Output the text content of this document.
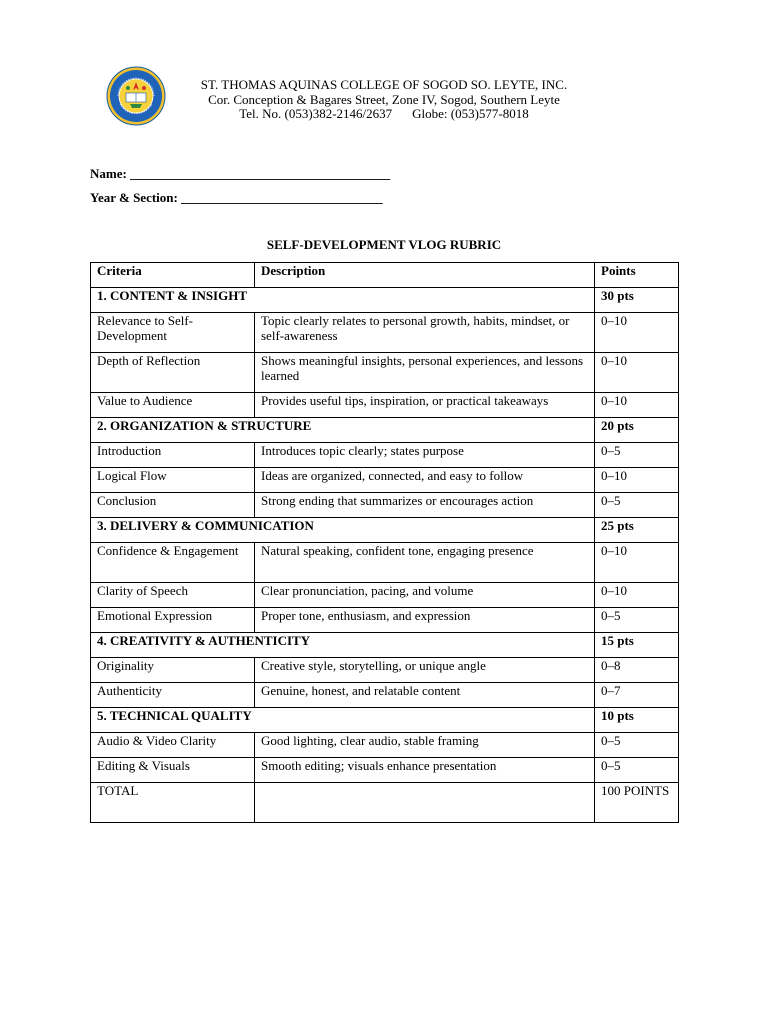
ST. THOMAS AQUINAS COLLEGE OF SOGOD SO. LEYTE, INC.
Cor. Conception & Bagares Street, Zone IV, Sogod, Southern Leyte
Tel. No. (053)382-2146/2637 Globe: (053)577-8018
Name: ________________________________________
Year & Section: _______________________________
SELF-DEVELOPMENT VLOG RUBRIC
Criteria	Description	Points
1. CONTENT & INSIGHT		30 pts
Relevance to Self-Development	Topic clearly relates to personal growth, habits, mindset, or self-awareness	0–10
Depth of Reflection	Shows meaningful insights, personal experiences, and lessons learned	0–10
Value to Audience	Provides useful tips, inspiration, or practical takeaways	0–10
2. ORGANIZATION & STRUCTURE		20 pts
Introduction	Introduces topic clearly; states purpose	0–5
Logical Flow	Ideas are organized, connected, and easy to follow	0–10
Conclusion	Strong ending that summarizes or encourages action	0–5
3. DELIVERY & COMMUNICATION		25 pts
Confidence & Engagement	Natural speaking, confident tone, engaging presence	0–10
Clarity of Speech	Clear pronunciation, pacing, and volume	0–10
Emotional Expression	Proper tone, enthusiasm, and expression	0–5
4. CREATIVITY & AUTHENTICITY		15 pts
Originality	Creative style, storytelling, or unique angle	0–8
Authenticity	Genuine, honest, and relatable content	0–7
5. TECHNICAL QUALITY		10 pts
Audio & Video Clarity	Good lighting, clear audio, stable framing	0–5
Editing & Visuals	Smooth editing; visuals enhance presentation	0–5
TOTAL		100 POINTS
